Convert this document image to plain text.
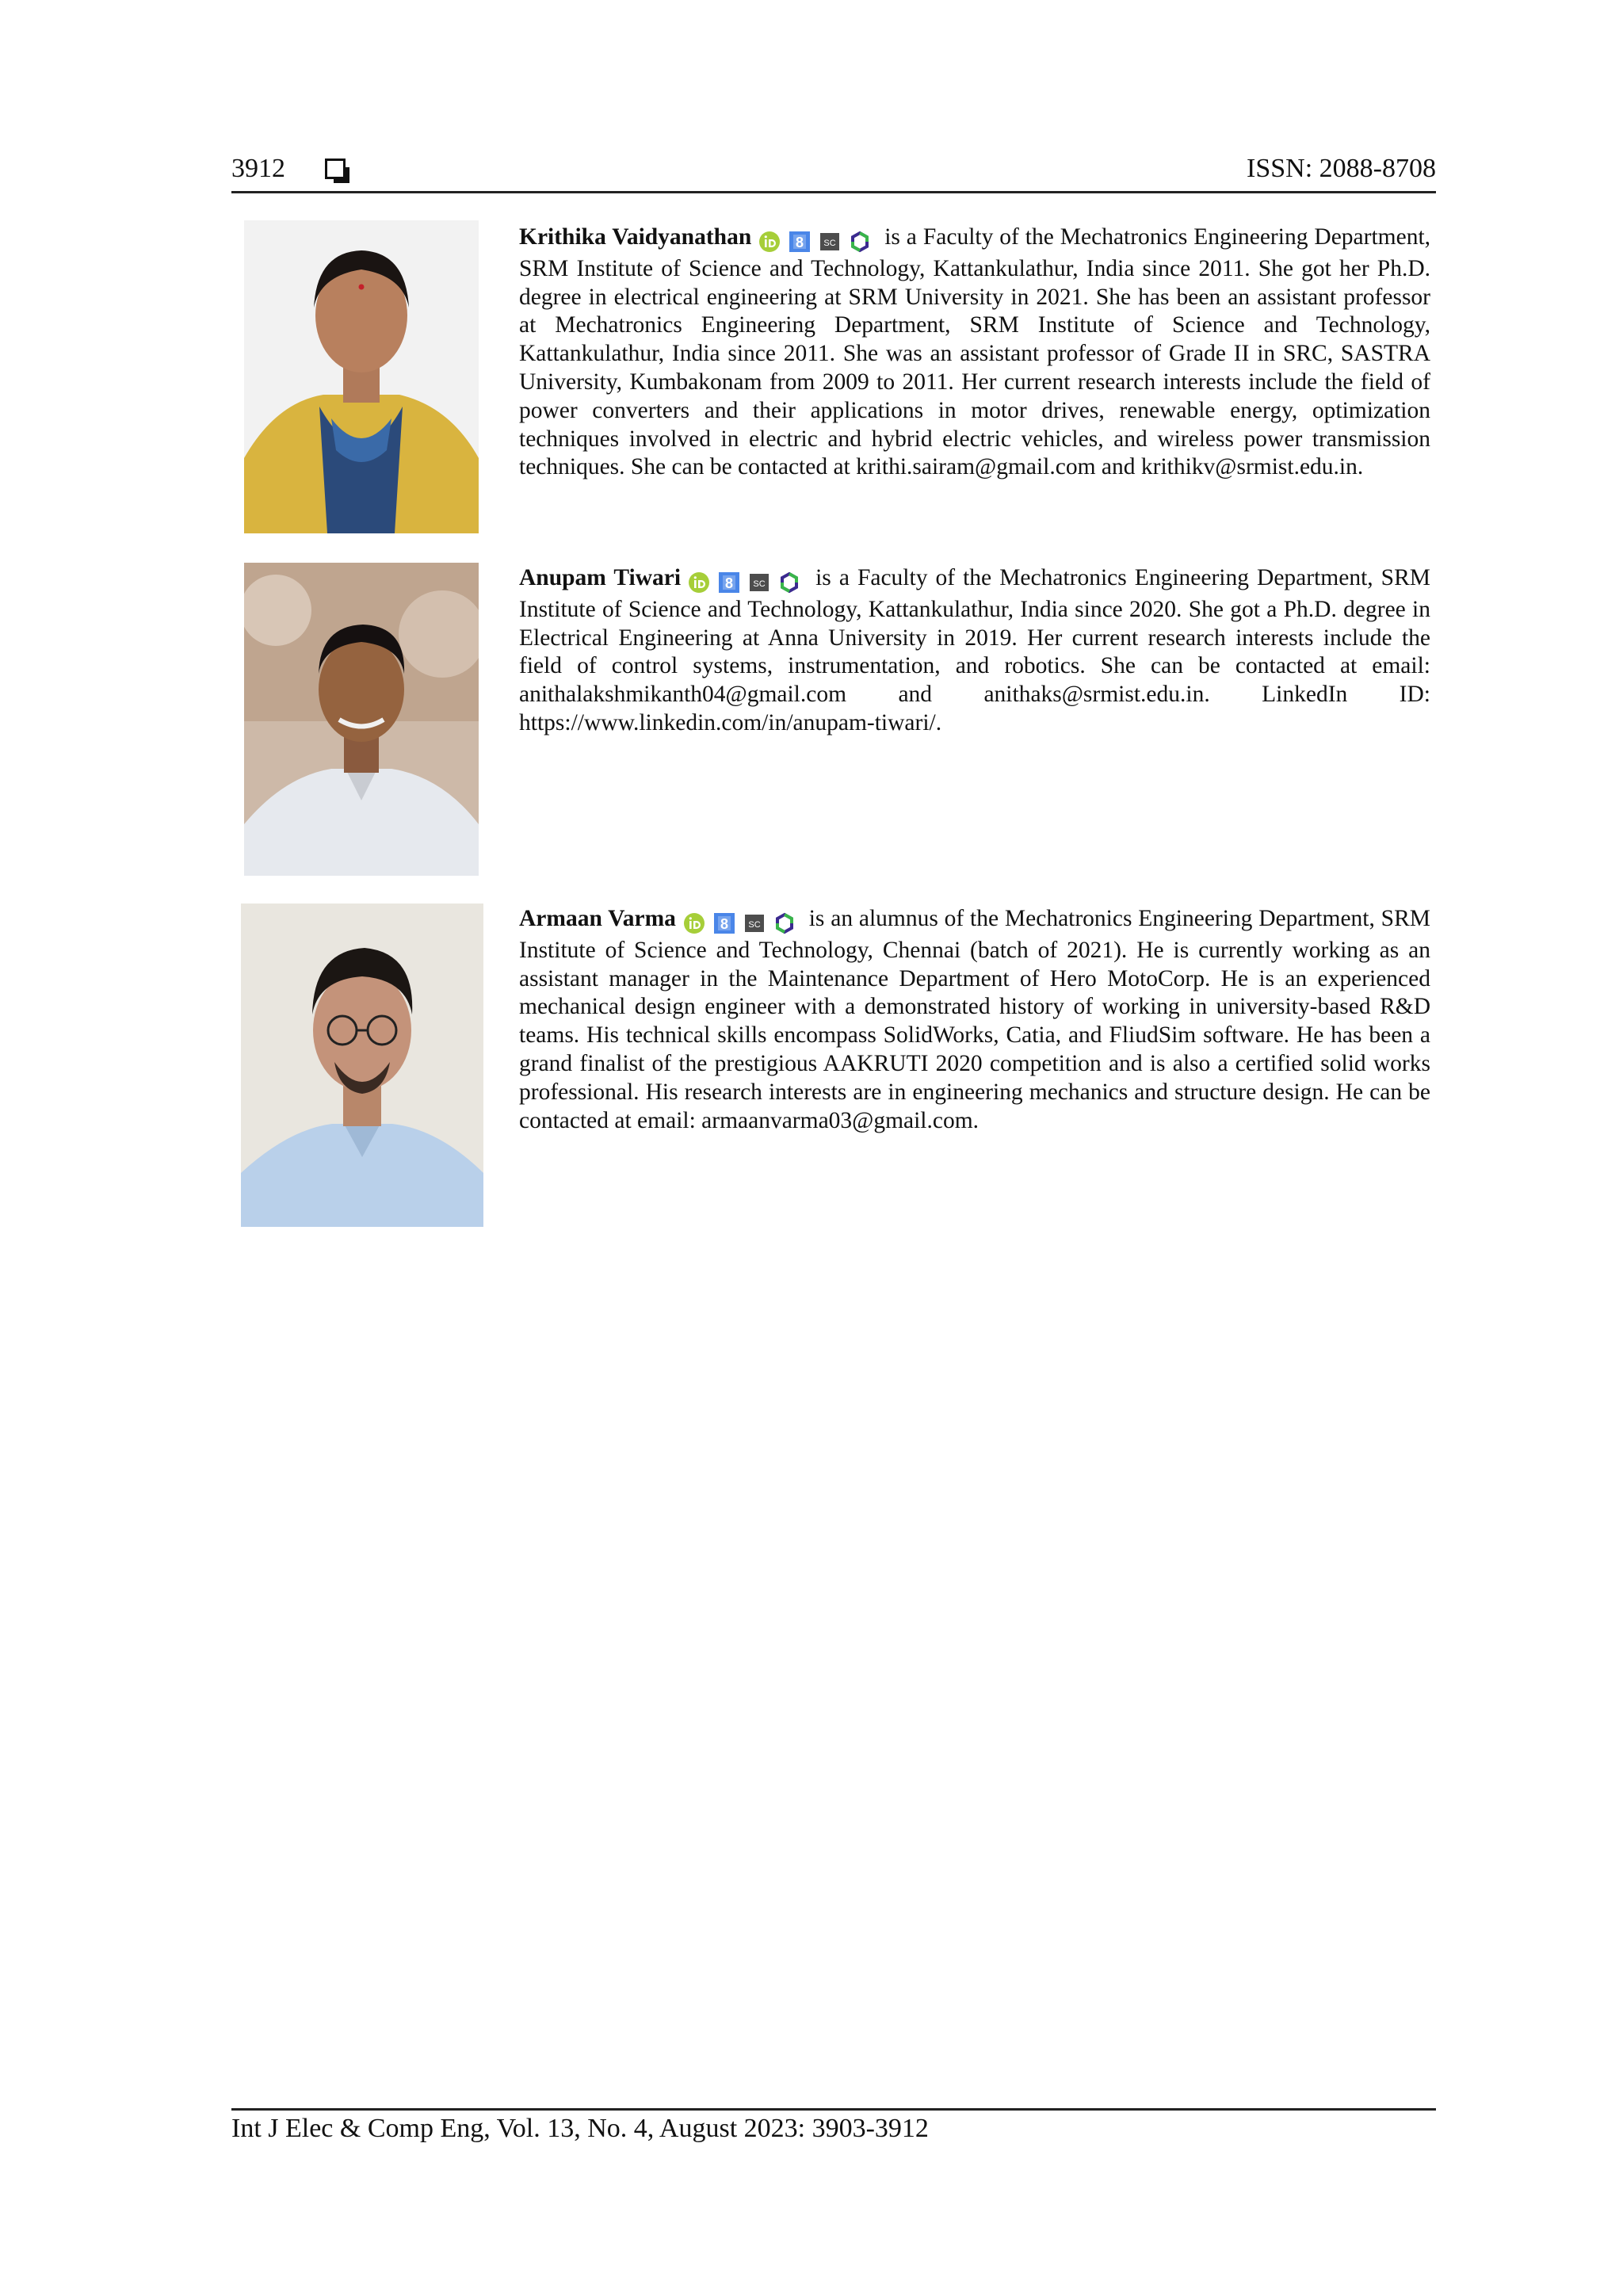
3912	ISSN: 2088-8708

Krithika Vaidyanathan	is a Faculty of the Mechatronics Engineering Department, SRM Institute of Science and Technology, Kattankulathur, India since 2011. She got her Ph.D. degree in electrical engineering at SRM University in 2021. She has been an assistant professor at Mechatronics Engineering Department, SRM Institute of Science and Technology, Kattankulathur, India since 2011. She was an assistant professor of Grade II in SRC, SASTRA University, Kumbakonam from 2009 to 2011. Her current research interests include the field of power converters and their applications in motor drives, renewable energy, optimization techniques involved in electric and hybrid electric vehicles, and wireless power transmission techniques. She can be contacted at krithi.sairam@gmail.com and krithikv@srmist.edu.in.

Anupam Tiwari	is a Faculty of the Mechatronics Engineering Department, SRM Institute of Science and Technology, Kattankulathur, India since 2020. She got a Ph.D. degree in Electrical Engineering at Anna University in 2019. Her current research interests include the field of control systems, instrumentation, and robotics. She can be contacted at email: anithalakshmikanth04@gmail.com and anithaks@srmist.edu.in. LinkedIn ID: https://www.linkedin.com/in/anupam-tiwari/.

Armaan Varma	is an alumnus of the Mechatronics Engineering Department, SRM Institute of Science and Technology, Chennai (batch of 2021). He is currently working as an assistant manager in the Maintenance Department of Hero MotoCorp. He is an experienced mechanical design engineer with a demonstrated history of working in university-based R&D teams. His technical skills encompass SolidWorks, Catia, and FliudSim software. He has been a grand finalist of the prestigious AAKRUTI 2020 competition and is also a certified solid works professional. His research interests are in engineering mechanics and structure design. He can be contacted at email: armaanvarma03@gmail.com.

Int J Elec & Comp Eng, Vol. 13, No. 4, August 2023: 3903-3912
